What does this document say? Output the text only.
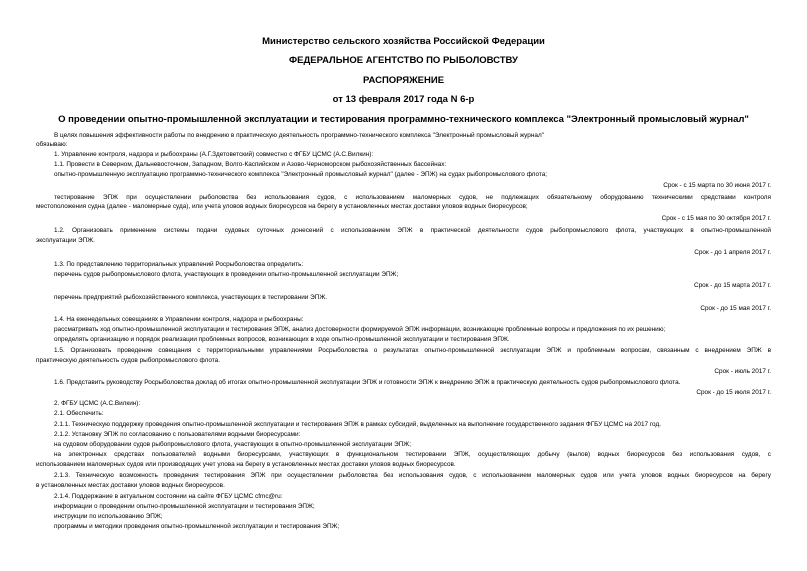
Министерство сельского хозяйства Российской Федерации
ФЕДЕРАЛЬНОЕ АГЕНТСТВО ПО РЫБОЛОВСТВУ
РАСПОРЯЖЕНИЕ
от 13 февраля 2017 года N 6-р
О проведении опытно-промышленной эксплуатации и тестирования программно-технического комплекса "Электронный промысловый журнал"
В целях повышения эффективности работы по внедрению в практическую деятельность программно-технического комплекса "Электронный промысловый журнал"
обязываю:
1. Управление контроля, надзора и рыбоохраны (А.Г.Здетоветский) совместно с ФГБУ ЦСМС (А.С.Вилкин):
1.1. Провести в Северном, Дальневосточном, Западном, Волго-Каспийском и Азово-Черноморском рыбохозяйственных бассейнах:
опытно-промышленную эксплуатацию программно-технического комплекса "Электронный промысловый журнал" (далее - ЭПЖ) на судах рыбопромыслового флота;
Срок - с 15 марта по 30 июня 2017 г.
тестирование ЭПЖ при осуществлении рыболовства без использования судов, с использованием маломерных судов, не подлежащих обязательному оборудованию техническими средствами контроля
местоположения судна (далее - маломерные суда), или учета уловов водных биоресурсов на берегу в установленных местах доставки уловов водных биоресурсов;
Срок - с 15 мая по 30 октября 2017 г.
1.2. Организовать применение системы подачи судовых суточных донесений с использованием ЭПЖ в практической деятельности судов рыбопромыслового флота, участвующих в опытно-промышленной
эксплуатации ЭПЖ.
Срок - до 1 апреля 2017 г.
1.3. По представлению территориальных управлений Росрыболовства определить:
перечень судов рыбопромыслового флота, участвующих в проведении опытно-промышленной эксплуатации ЭПЖ;
Срок - до 15 марта 2017 г.
перечень предприятий рыбохозяйственного комплекса, участвующих в тестировании ЭПЖ.
Срок - до 15 мая 2017 г.
1.4. На еженедельных совещаниях в Управлении контроля, надзора и рыбоохраны:
рассматривать ход опытно-промышленной эксплуатации и тестирования ЭПЖ, анализ достоверности формируемой ЭПЖ информации, возникающие проблемные вопросы и предложения по их решению;
определять организацию и порядок реализации проблемных вопросов, возникающих в ходе опытно-промышленной эксплуатации и тестирования ЭПЖ.
1.5. Организовать проведение совещания с территориальными управлениями Росрыболовства о результатах опытно-промышленной эксплуатации ЭПЖ и проблемным вопросам, связанным с внедрением ЭПЖ в
практическую деятельность судов рыбопромыслового флота.
Срок - июль 2017 г.
1.6. Представить руководству Росрыболовства доклад об итогах опытно-промышленной эксплуатации ЭПЖ и готовности ЭПЖ к внедрению ЭПЖ в практическую деятельность судов рыбопромыслового флота.
Срок - до 15 июля 2017 г.
2. ФГБУ ЦСМС (А.С.Вилкин):
2.1. Обеспечить:
2.1.1. Техническую поддержку проведения опытно-промышленной эксплуатации и тестирования ЭПЖ в рамках субсидий, выделенных на выполнение государственного задания ФГБУ ЦСМС на 2017 год.
2.1.2. Установку ЭПЖ по согласованию с пользователями водными биоресурсами:
на судовом оборудовании судов рыбопромыслового флота, участвующих в опытно-промышленной эксплуатации ЭПЖ;
на электронных средствах пользователей водными биоресурсами, участвующих в функциональном тестировании ЭПЖ, осуществляющих добычу (вылов) водных биоресурсов без использования судов, с
использованием маломерных судов или производящих учет улова на берегу в установленных местах доставки уловов водных биоресурсов.
2.1.3. Техническую возможность проведения тестирования ЭПЖ при осуществлении рыболовства без использования судов, с использованием маломерных судов или учета уловов водных биоресурсов на берегу
в установленных местах доставки уловов водных биоресурсов.
2.1.4. Поддержание в актуальном состоянии на сайте ФГБУ ЦСМС cfmc@ru:
информации о проведении опытно-промышленной эксплуатации и тестирования ЭПЖ;
инструкции по использованию ЭПЖ;
программы и методики проведения опытно-промышленной эксплуатации и тестирования ЭПЖ;
